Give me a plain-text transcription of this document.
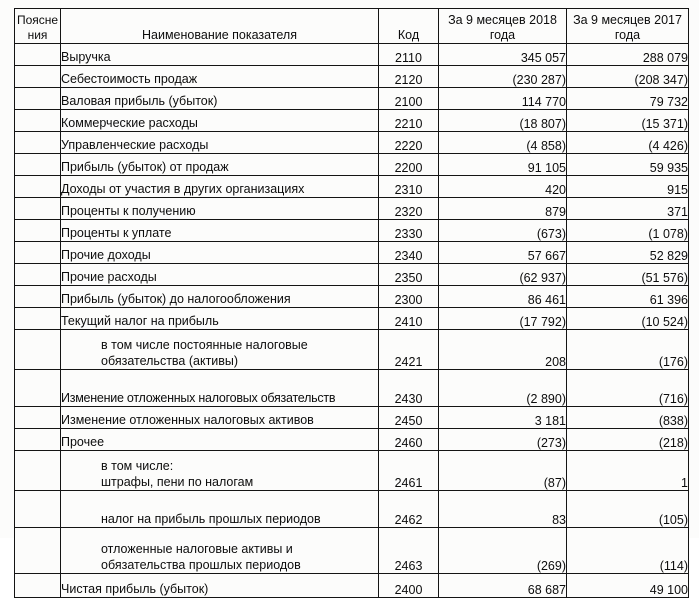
Поясне ния	Наименование показателя	Код	За 9 месяцев 2018 года	За 9 месяцев 2017 года
	Выручка	2110	345 057	288 079
	Себестоимость продаж	2120	(230 287)	(208 347)
	Валовая прибыль (убыток)	2100	114 770	79 732
	Коммерческие расходы	2210	(18 807)	(15 371)
	Управленческие расходы	2220	(4 858)	(4 426)
	Прибыль (убыток) от продаж	2200	91 105	59 935
	Доходы от участия в других организациях	2310	420	915
	Проценты к получению	2320	879	371
	Проценты к уплате	2330	(673)	(1 078)
	Прочие доходы	2340	57 667	52 829
	Прочие расходы	2350	(62 937)	(51 576)
	Прибыль (убыток) до налогообложения	2300	86 461	61 396
	Текущий налог на прибыль	2410	(17 792)	(10 524)
	в том числе постоянные налоговые
обязательства (активы)	2421	208	(176)
	Изменение отложенных налоговых обязательств	2430	(2 890)	(716)
	Изменение отложенных налоговых активов	2450	3 181	(838)
	Прочее	2460	(273)	(218)
	в том числе:
штрафы, пени по налогам	2461	(87)	1
	налог на прибыль прошлых периодов	2462	83	(105)
	отложенные налоговые активы и
обязательства прошлых периодов	2463	(269)	(114)
	Чистая прибыль (убыток)	2400	68 687	49 100
